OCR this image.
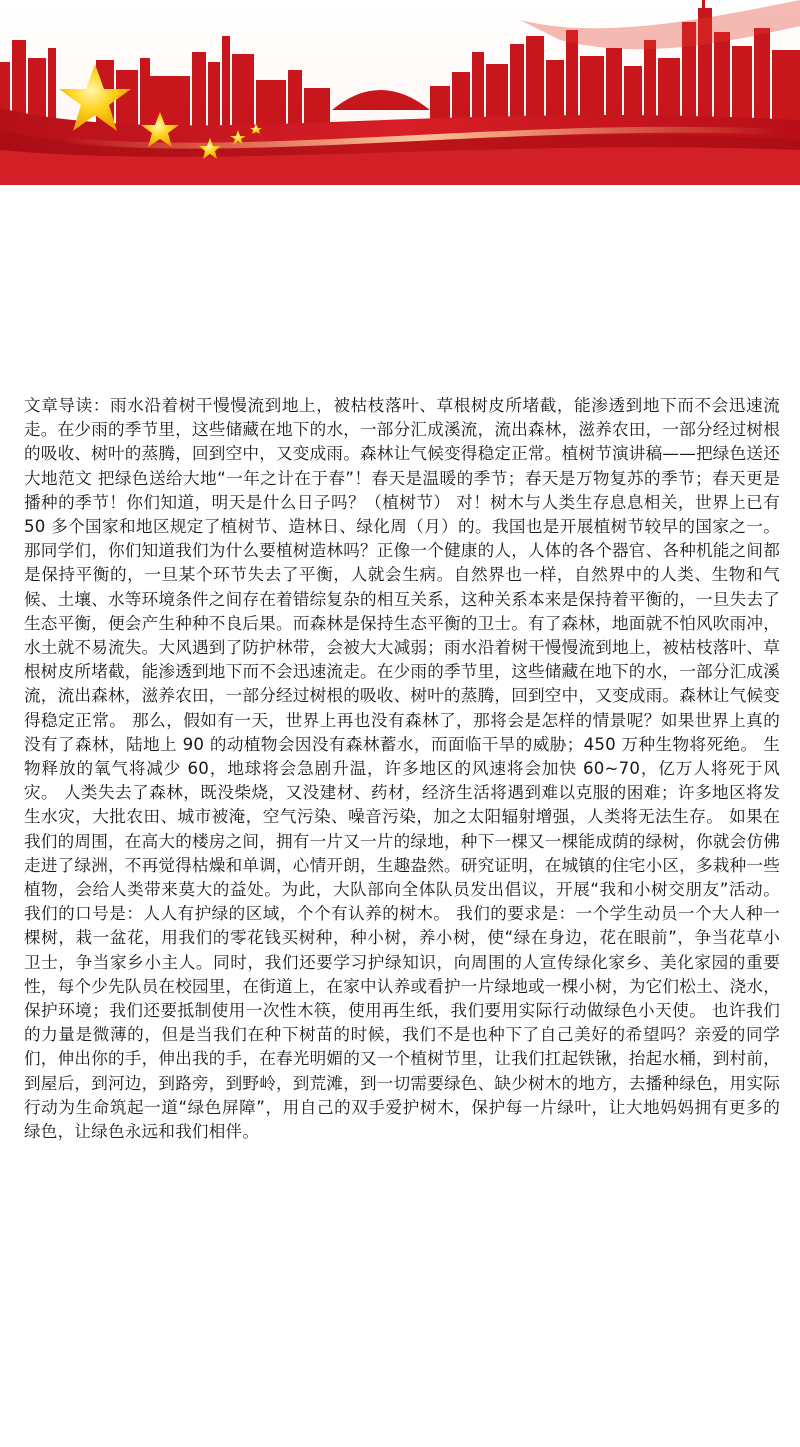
文章导读：雨水沿着树干慢慢流到地上，被枯枝落叶、草根树皮所堵截，能渗透到地下而不会迅速流走。在少雨的季节里，这些储藏在地下的水，一部分汇成溪流，流出森林，滋养农田，一部分经过树根的吸收、树叶的蒸腾，回到空中，又变成雨。森林让气候变得稳定正常。植树节演讲稿——把绿色送还大地范文 把绿色送给大地“一年之计在于春”！春天是温暖的季节；春天是万物复苏的季节；春天更是播种的季节！你们知道，明天是什么日子吗？（植树节） 对！树木与人类生存息息相关，世界上已有 50 多个国家和地区规定了植树节、造林日、绿化周（月）的。我国也是开展植树节较早的国家之一。那同学们，你们知道我们为什么要植树造林吗？正像一个健康的人，人体的各个器官、各种机能之间都是保持平衡的，一旦某个环节失去了平衡，人就会生病。自然界也一样，自然界中的人类、生物和气候、土壤、水等环境条件之间存在着错综复杂的相互关系，这种关系本来是保持着平衡的，一旦失去了生态平衡，便会产生种种不良后果。而森林是保持生态平衡的卫士。有了森林，地面就不怕风吹雨冲，水土就不易流失。大风遇到了防护林带，会被大大减弱；雨水沿着树干慢慢流到地上，被枯枝落叶、草根树皮所堵截，能渗透到地下而不会迅速流走。在少雨的季节里，这些储藏在地下的水，一部分汇成溪流，流出森林，滋养农田，一部分经过树根的吸收、树叶的蒸腾，回到空中，又变成雨。森林让气候变得稳定正常。 那么，假如有一天，世界上再也没有森林了，那将会是怎样的情景呢？如果世界上真的没有了森林，陆地上 90 的动植物会因没有森林蓄水，而面临干旱的威胁；450 万种生物将死绝。 生物释放的氧气将减少 60，地球将会急剧升温，许多地区的风速将会加快 60~70，亿万人将死于风灾。 人类失去了森林，既没柴烧，又没建材、药材，经济生活将遇到难以克服的困难；许多地区将发生水灾，大批农田、城市被淹，空气污染、噪音污染，加之太阳辐射增强，人类将无法生存。 如果在我们的周围，在高大的楼房之间，拥有一片又一片的绿地，种下一棵又一棵能成荫的绿树，你就会仿佛走进了绿洲，不再觉得枯燥和单调，心情开朗，生趣盎然。研究证明，在城镇的住宅小区，多栽种一些植物，会给人类带来莫大的益处。为此，大队部向全体队员发出倡议，开展“我和小树交朋友”活动。 我们的口号是：人人有护绿的区域，个个有认养的树木。 我们的要求是：一个学生动员一个大人种一棵树，栽一盆花，用我们的零花钱买树种，种小树，养小树，使“绿在身边，花在眼前”，争当花草小卫士，争当家乡小主人。同时，我们还要学习护绿知识，向周围的人宣传绿化家乡、美化家园的重要性，每个少先队员在校园里，在街道上，在家中认养或看护一片绿地或一棵小树，为它们松土、浇水，保护环境；我们还要抵制使用一次性木筷，使用再生纸，我们要用实际行动做绿色小天使。 也许我们的力量是微薄的，但是当我们在种下树苗的时候，我们不是也种下了自己美好的希望吗？亲爱的同学们，伸出你的手，伸出我的手，在春光明媚的又一个植树节里，让我们扛起铁锹，抬起水桶，到村前，到屋后，到河边，到路旁，到野岭，到荒滩，到一切需要绿色、缺少树木的地方，去播种绿色，用实际行动为生命筑起一道“绿色屏障”，用自己的双手爱护树木，保护每一片绿叶，让大地妈妈拥有更多的绿色，让绿色永远和我们相伴。
